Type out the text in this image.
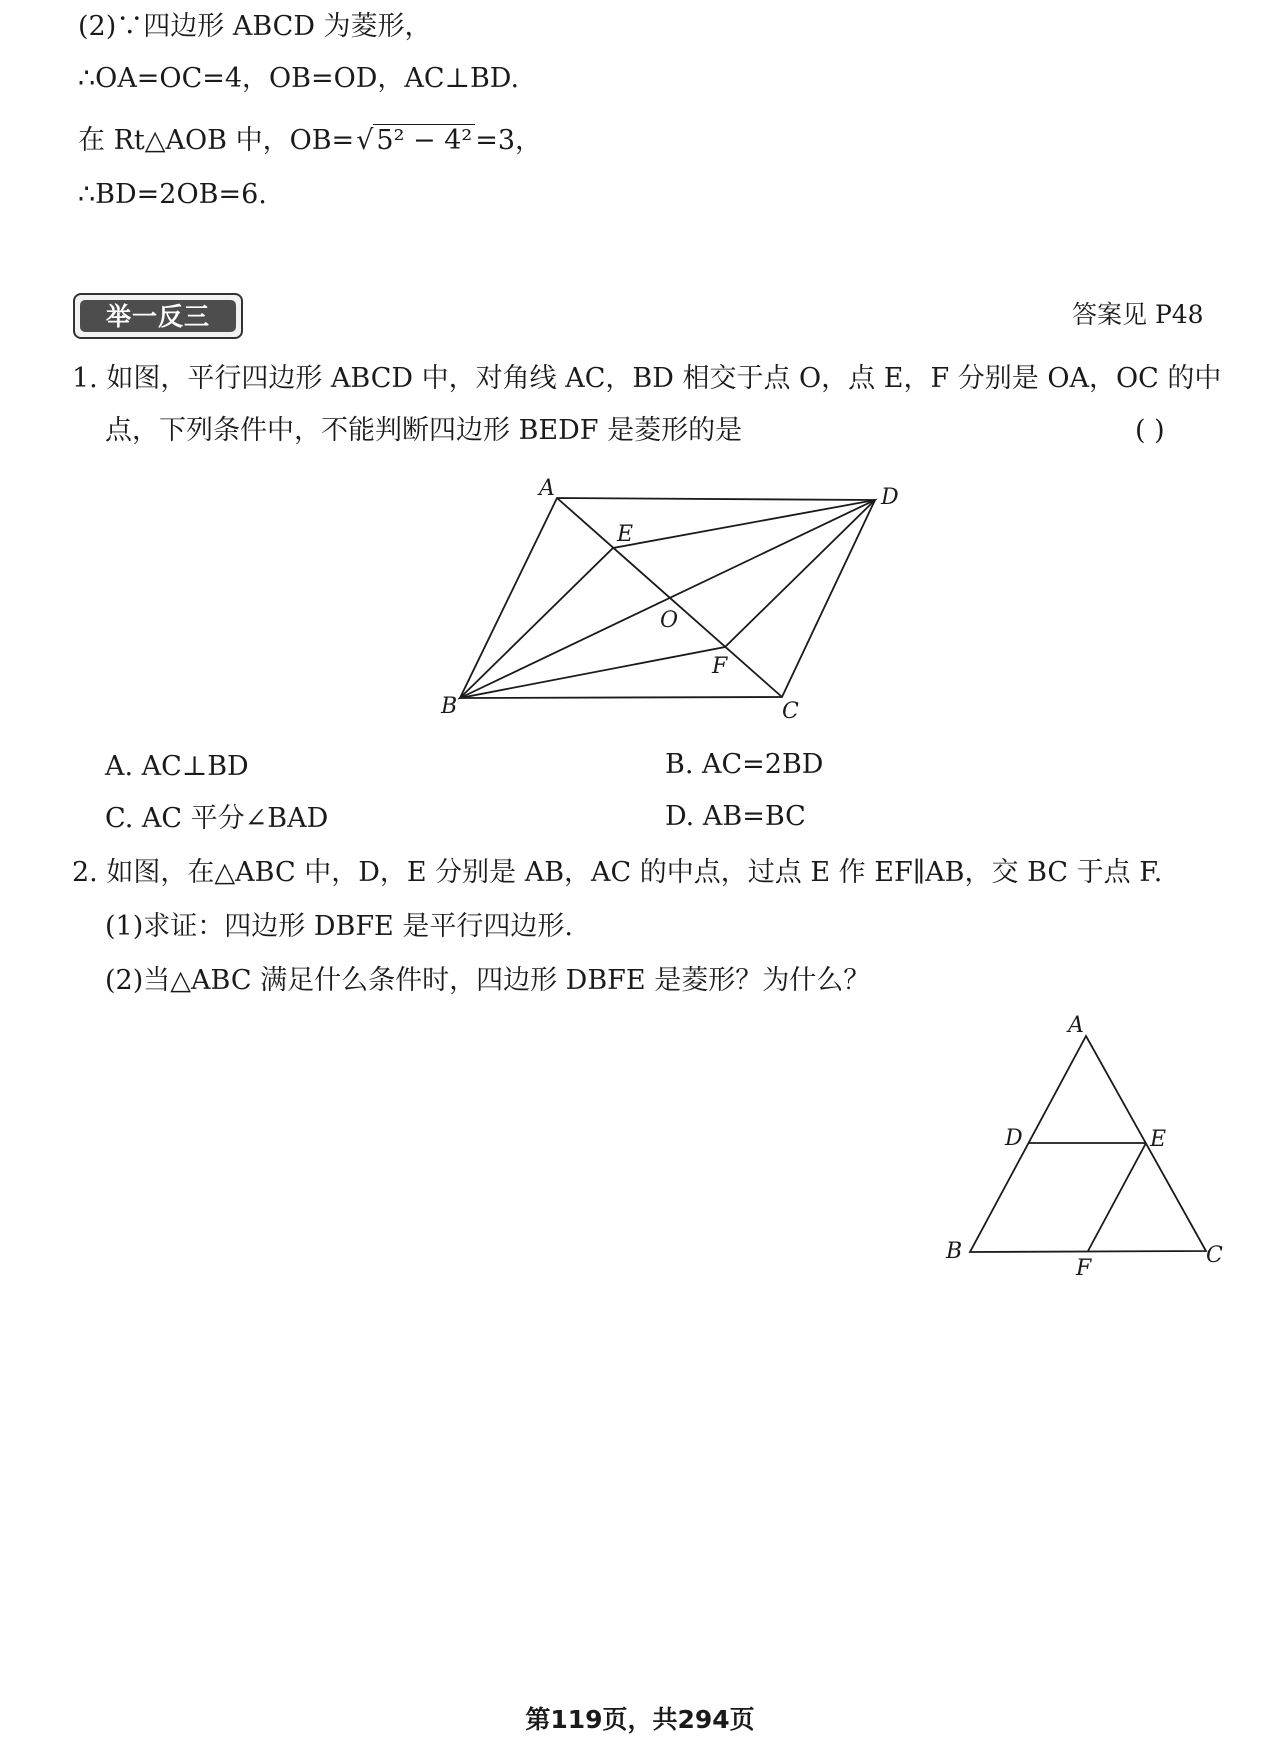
(2)∵四边形 ABCD 为菱形，
∴OA=OC=4，OB=OD，AC⊥BD.
在 Rt△AOB 中，OB=√ 5² − 4² =3，
∴BD=2OB=6.
举一反三	答案见 P48
1. 如图，平行四边形 ABCD 中，对角线 AC，BD 相交于点 O，点 E，F 分别是 OA，OC 的中
点，下列条件中，不能判断四边形 BEDF 是菱形的是	( )
A	D
E
O
F
B	C
A
D	E
B	C
F
A. AC⊥BD	B. AC=2BD
C. AC 平分∠BAD	D. AB=BC
2. 如图，在△ABC 中，D，E 分别是 AB，AC 的中点，过点 E 作 EF∥AB，交 BC 于点 F.
(1)求证：四边形 DBFE 是平行四边形.
(2)当△ABC 满足什么条件时，四边形 DBFE 是菱形？为什么？
第119页，共294页
